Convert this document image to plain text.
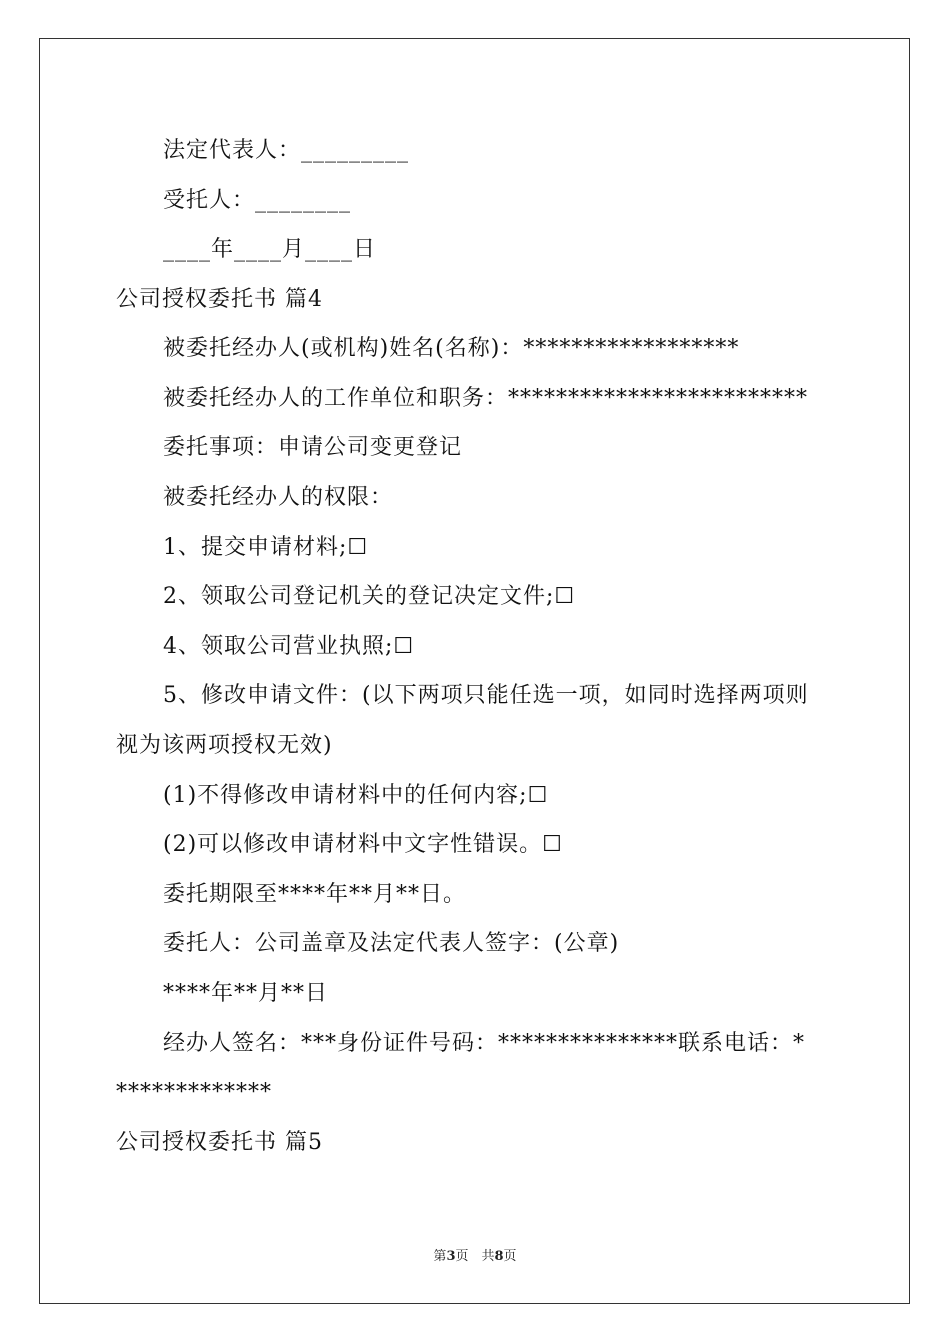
法定代表人：_________
受托人：________
____年____月____日
公司授权委托书 篇4
被委托经办人(或机构)姓名(名称)：******************
被委托经办人的工作单位和职务：*************************
委托事项：申请公司变更登记
被委托经办人的权限：
1、提交申请材料;☐
2、领取公司登记机关的登记决定文件;☐
4、领取公司营业执照;☐
5、修改申请文件：(以下两项只能任选一项，如同时选择两项则
视为该两项授权无效)
(1)不得修改申请材料中的任何内容;☐
(2)可以修改申请材料中文字性错误。☐
委托期限至****年**月**日。
委托人：公司盖章及法定代表人签字：(公章)
****年**月**日
经办人签名：***身份证件号码：***************联系电话：*
*************
公司授权委托书 篇5
第3页　共8页
